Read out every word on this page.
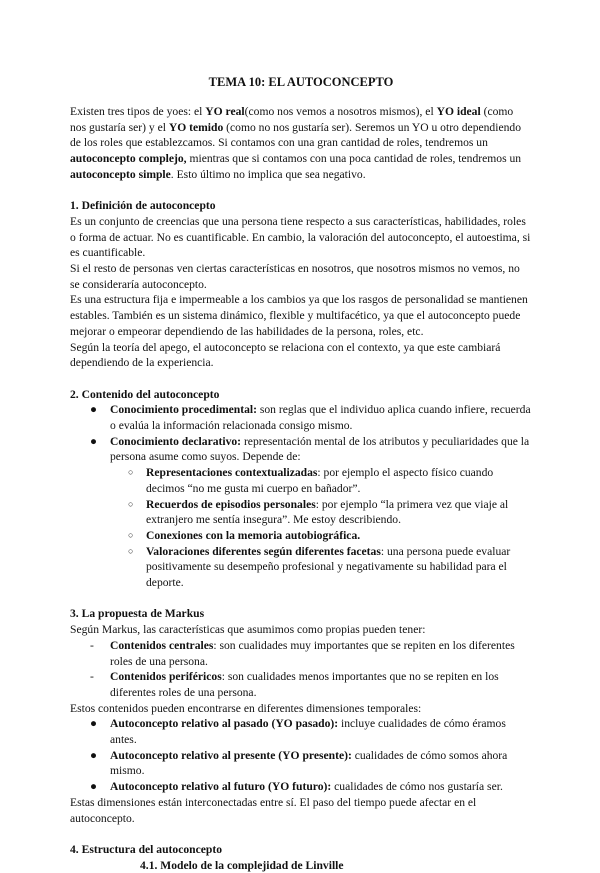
TEMA 10: EL AUTOCONCEPTO

Existen tres tipos de yoes: el YO real(como nos vemos a nosotros mismos), el YO ideal (como nos gustaría ser) y el YO temido (como no nos gustaría ser). Seremos un YO u otro dependiendo de los roles que establezcamos. Si contamos con una gran cantidad de roles, tendremos un autoconcepto complejo, mientras que si contamos con una poca cantidad de roles, tendremos un autoconcepto simple. Esto último no implica que sea negativo.

1. Definición de autoconcepto

Es un conjunto de creencias que una persona tiene respecto a sus características, habilidades, roles o forma de actuar. No es cuantificable. En cambio, la valoración del autoconcepto, el autoestima, si es cuantificable.

Si el resto de personas ven ciertas características en nosotros, que nosotros mismos no vemos, no se consideraría autoconcepto.

Es una estructura fija e impermeable a los cambios ya que los rasgos de personalidad se mantienen estables. También es un sistema dinámico, flexible y multifacético, ya que el autoconcepto puede mejorar o empeorar dependiendo de las habilidades de la persona, roles, etc.

Según la teoría del apego, el autoconcepto se relaciona con el contexto, ya que este cambiará dependiendo de la experiencia.

2. Contenido del autoconcepto

● Conocimiento procedimental: son reglas que el individuo aplica cuando infiere, recuerda o evalúa la información relacionada consigo mismo.
● Conocimiento declarativo: representación mental de los atributos y peculiaridades que la persona asume como suyos. Depende de:
○ Representaciones contextualizadas: por ejemplo el aspecto físico cuando decimos “no me gusta mi cuerpo en bañador”.
○ Recuerdos de episodios personales: por ejemplo “la primera vez que viaje al extranjero me sentía insegura”. Me estoy describiendo.
○ Conexiones con la memoria autobiográfica.
○ Valoraciones diferentes según diferentes facetas: una persona puede evaluar positivamente su desempeño profesional y negativamente su habilidad para el deporte.

3. La propuesta de Markus

Según Markus, las características que asumimos como propias pueden tener:

- Contenidos centrales: son cualidades muy importantes que se repiten en los diferentes roles de una persona.
- Contenidos periféricos: son cualidades menos importantes que no se repiten en los diferentes roles de una persona.

Estos contenidos pueden encontrarse en diferentes dimensiones temporales:

● Autoconcepto relativo al pasado (YO pasado): incluye cualidades de cómo éramos antes.
● Autoconcepto relativo al presente (YO presente): cualidades de cómo somos ahora mismo.
● Autoconcepto relativo al futuro (YO futuro): cualidades de cómo nos gustaría ser.

Estas dimensiones están interconectadas entre sí. El paso del tiempo puede afectar en el autoconcepto.

4. Estructura del autoconcepto

4.1. Modelo de la complejidad de Linville
